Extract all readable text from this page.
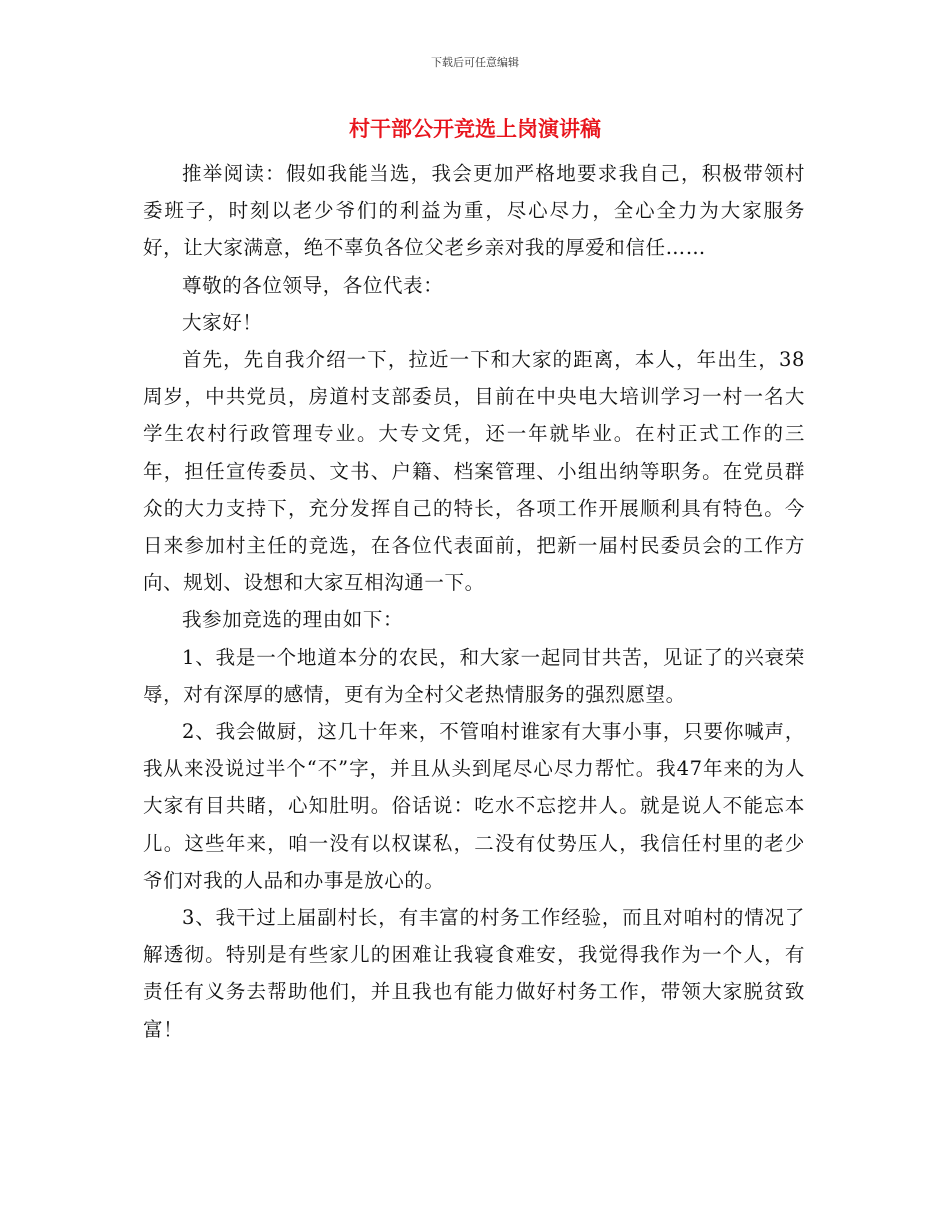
下载后可任意编辑
村干部公开竞选上岗演讲稿

推举阅读：假如我能当选，我会更加严格地要求我自己，积极带领村委班子，时刻以老少爷们的利益为重，尽心尽力，全心全力为大家服务好，让大家满意，绝不辜负各位父老乡亲对我的厚爱和信任……

尊敬的各位领导，各位代表：

大家好！

首先，先自我介绍一下，拉近一下和大家的距离，本人，年出生，38周岁，中共党员，房道村支部委员，目前在中央电大培训学习一村一名大学生农村行政管理专业。大专文凭，还一年就毕业。在村正式工作的三年，担任宣传委员、文书、户籍、档案管理、小组出纳等职务。在党员群众的大力支持下，充分发挥自己的特长，各项工作开展顺利具有特色。今日来参加村主任的竞选，在各位代表面前，把新一届村民委员会的工作方向、规划、设想和大家互相沟通一下。

我参加竞选的理由如下：

1、我是一个地道本分的农民，和大家一起同甘共苦，见证了的兴衰荣辱，对有深厚的感情，更有为全村父老热情服务的强烈愿望。

2、我会做厨，这几十年来，不管咱村谁家有大事小事，只要你喊声，我从来没说过半个“不”字，并且从头到尾尽心尽力帮忙。我47年来的为人大家有目共睹，心知肚明。俗话说：吃水不忘挖井人。就是说人不能忘本儿。这些年来，咱一没有以权谋私，二没有仗势压人，我信任村里的老少爷们对我的人品和办事是放心的。

3、我干过上届副村长，有丰富的村务工作经验，而且对咱村的情况了解透彻。特别是有些家儿的困难让我寝食难安，我觉得我作为一个人，有责任有义务去帮助他们，并且我也有能力做好村务工作，带领大家脱贫致富！
